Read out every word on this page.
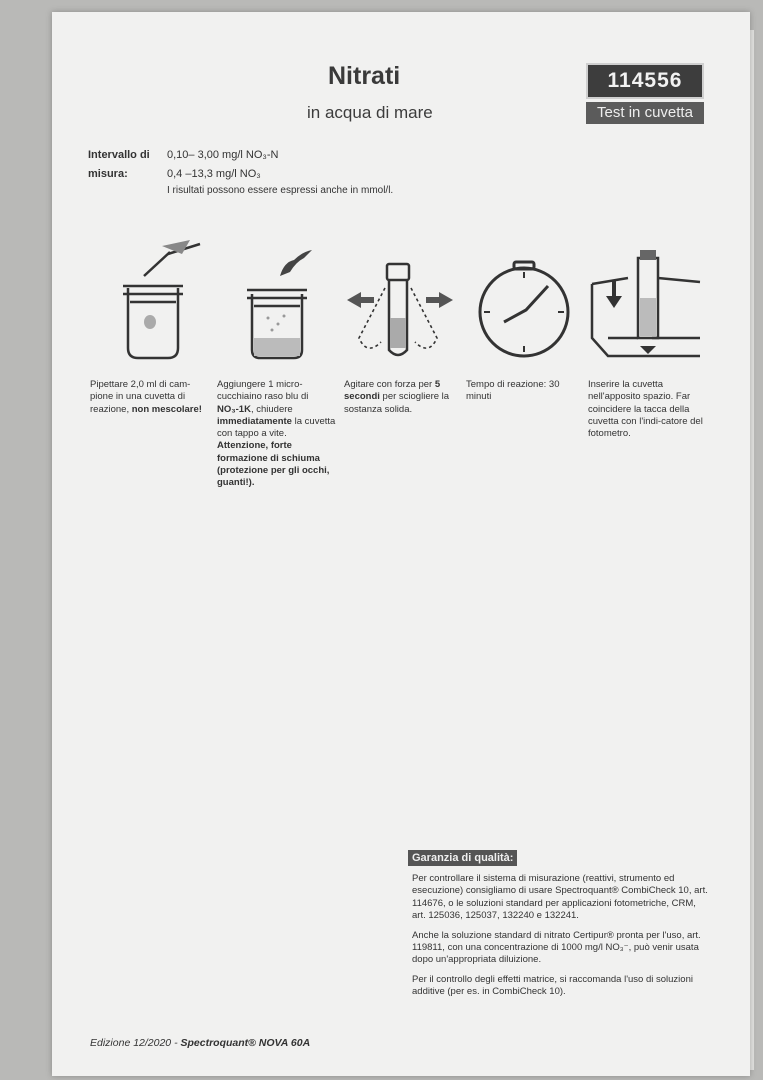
Nitrati
in acqua di mare
114556
Test in cuvetta
Intervallo di
misura:
0,10– 3,00 mg/l NO₃-N
0,4 –13,3 mg/l NO₃
I risultati possono essere espressi anche in mmol/l.
Pipettare 2,0 ml di cam-pione in una cuvetta di reazione, non mescolare!
Aggiungere 1 micro-cucchiaino raso blu di NO₃-1K, chiudere immediatamente la cuvetta con tappo a vite. Attenzione, forte formazione di schiuma (protezione per gli occhi, guanti!).
Agitare con forza per 5 secondi per sciogliere la sostanza solida.
Tempo di reazione: 30 minuti
Inserire la cuvetta nell'apposito spazio. Far coincidere la tacca della cuvetta con l'indi-catore del fotometro.
Garanzia di qualità:

Per controllare il sistema di misurazione (reattivi, strumento ed esecuzione) consigliamo di usare Spectroquant® CombiCheck 10, art. 114676, o le soluzioni standard per applicazioni fotometriche, CRM, art. 125036, 125037, 132240 e 132241.

Anche la soluzione standard di nitrato Certipur® pronta per l'uso, art. 119811, con una concentrazione di 1000 mg/l NO₃⁻, può venir usata dopo un'appropriata diluizione.

Per il controllo degli effetti matrice, si raccomanda l'uso di soluzioni additive (per es. in CombiCheck 10).

Edizione 12/2020 - Spectroquant® NOVA 60A
